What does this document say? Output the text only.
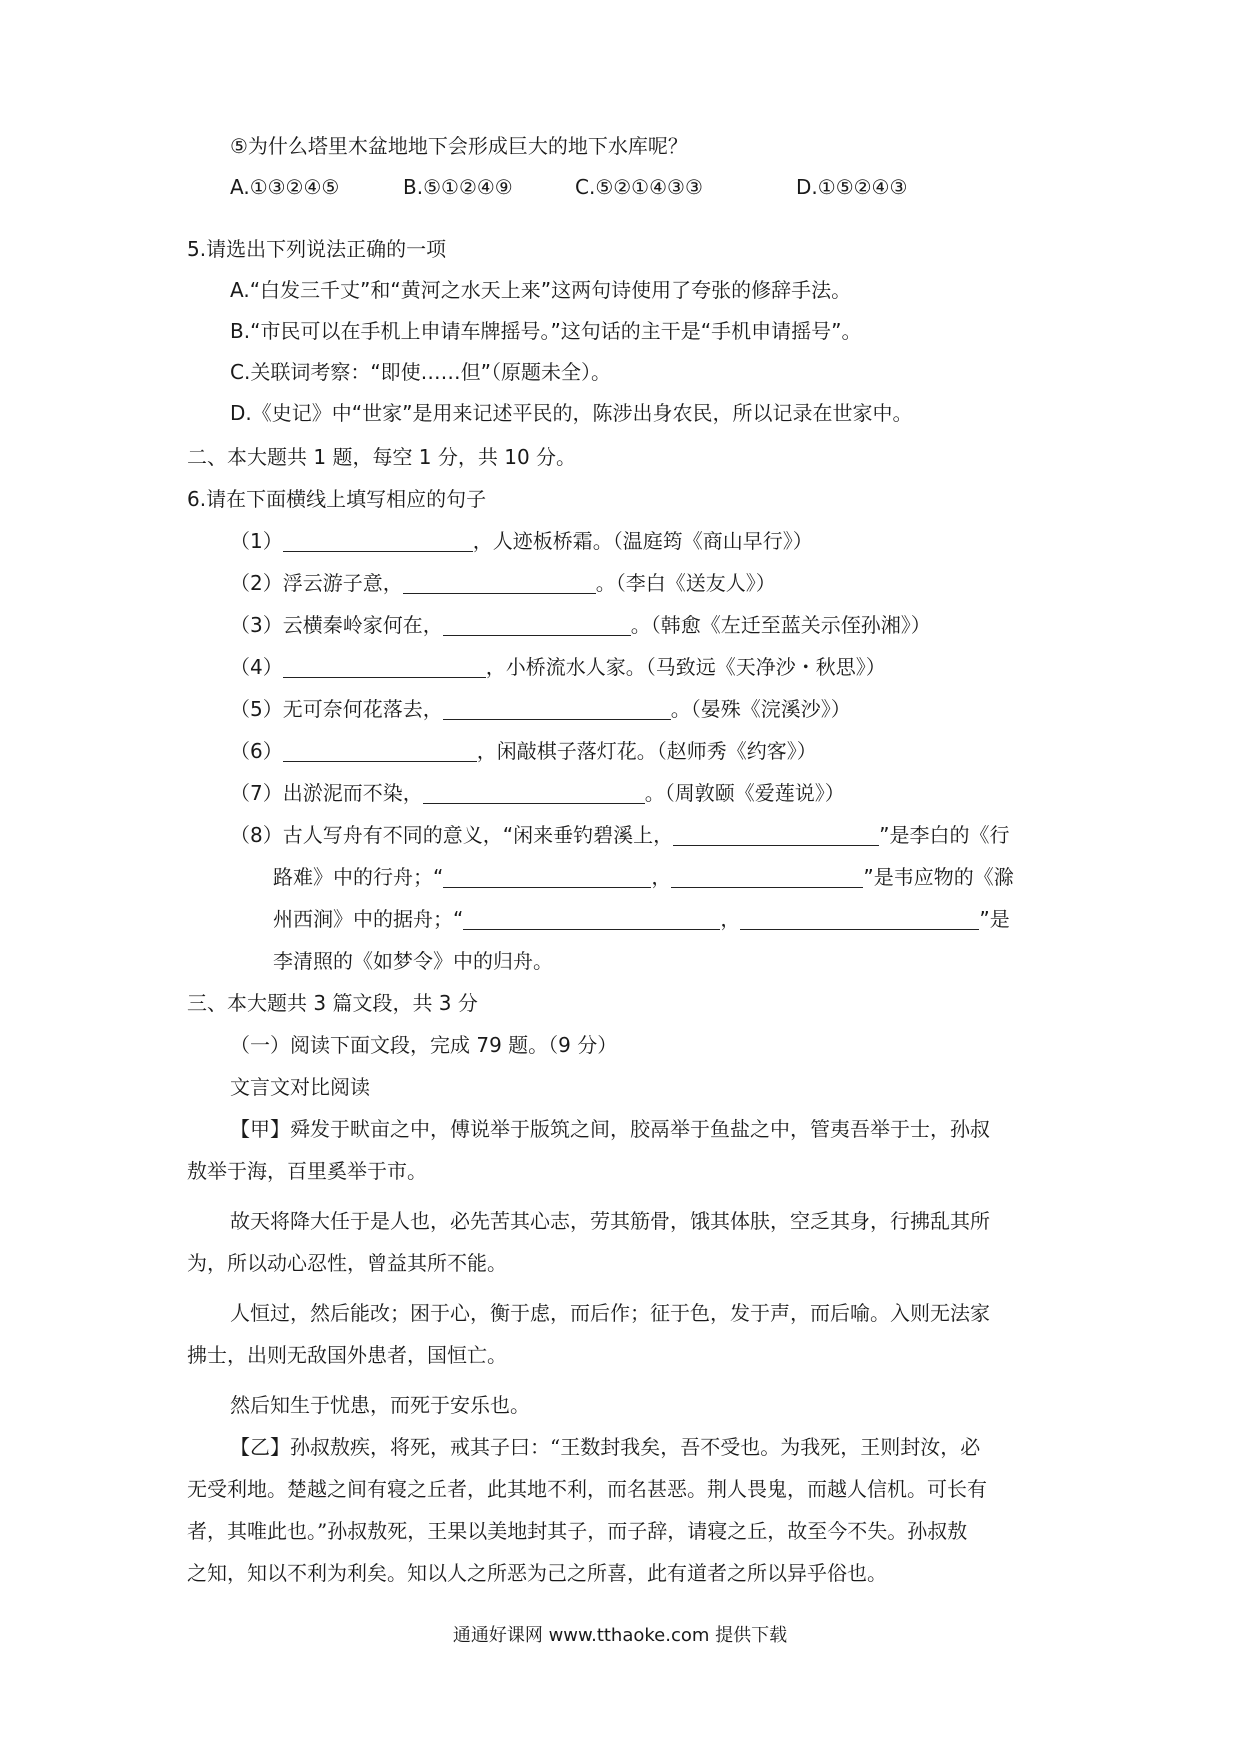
⑤为什么塔里木盆地地下会形成巨大的地下水库呢？
A.①③②④⑤	B.⑤①②④⑨	C.⑤②①④③③	D.①⑤②④③
5.请选出下列说法正确的一项
A.“白发三千丈”和“黄河之水天上来”这两句诗使用了夸张的修辞手法。
B.“市民可以在手机上申请车牌摇号。”这句话的主干是“手机申请摇号”。
C.关联词考察：“即使……但”（原题未全）。
D.《史记》中“世家”是用来记述平民的，陈涉出身农民，所以记录在世家中。
二、本大题共 1 题，每空 1 分，共 10 分。
6.请在下面横线上填写相应的句子
（1）	，人迹板桥霜。（温庭筠《商山早行》）
（2）浮云游子意，	。（李白《送友人》）
（3）云横秦岭家何在，	。（韩愈《左迁至蓝关示侄孙湘》）
（4）	，小桥流水人家。（马致远《天净沙・秋思》）
（5）无可奈何花落去，	。（晏殊《浣溪沙》）
（6）	，闲敲棋子落灯花。（赵师秀《约客》）
（7）出淤泥而不染，	。（周敦颐《爱莲说》）
（8）古人写舟有不同的意义，“闲来垂钓碧溪上，	”是李白的《行
路难》中的行舟；“	，	”是韦应物的《滁
州西涧》中的据舟；“	，	”是
李清照的《如梦令》中的归舟。
三、本大题共 3 篇文段，共 3 分
（一）阅读下面文段，完成 79 题。（9 分）
文言文对比阅读
【甲】舜发于畎亩之中，傅说举于版筑之间，胶鬲举于鱼盐之中，管夷吾举于士，孙叔
敖举于海，百里奚举于市。
故天将降大任于是人也，必先苦其心志，劳其筋骨，饿其体肤，空乏其身，行拂乱其所
为，所以动心忍性，曾益其所不能。
人恒过，然后能改；困于心，衡于虑，而后作；征于色，发于声，而后喻。入则无法家
拂士，出则无敌国外患者，国恒亡。
然后知生于忧患，而死于安乐也。
【乙】孙叔敖疾，将死，戒其子曰：“王数封我矣，吾不受也。为我死，王则封汝，必
无受利地。楚越之间有寝之丘者，此其地不利，而名甚恶。荆人畏鬼，而越人信机。可长有
者，其唯此也。”孙叔敖死，王果以美地封其子，而子辞，请寝之丘，故至今不失。孙叔敖
之知，知以不利为利矣。知以人之所恶为己之所喜，此有道者之所以异乎俗也。
通通好课网 www.tthaoke.com 提供下载
